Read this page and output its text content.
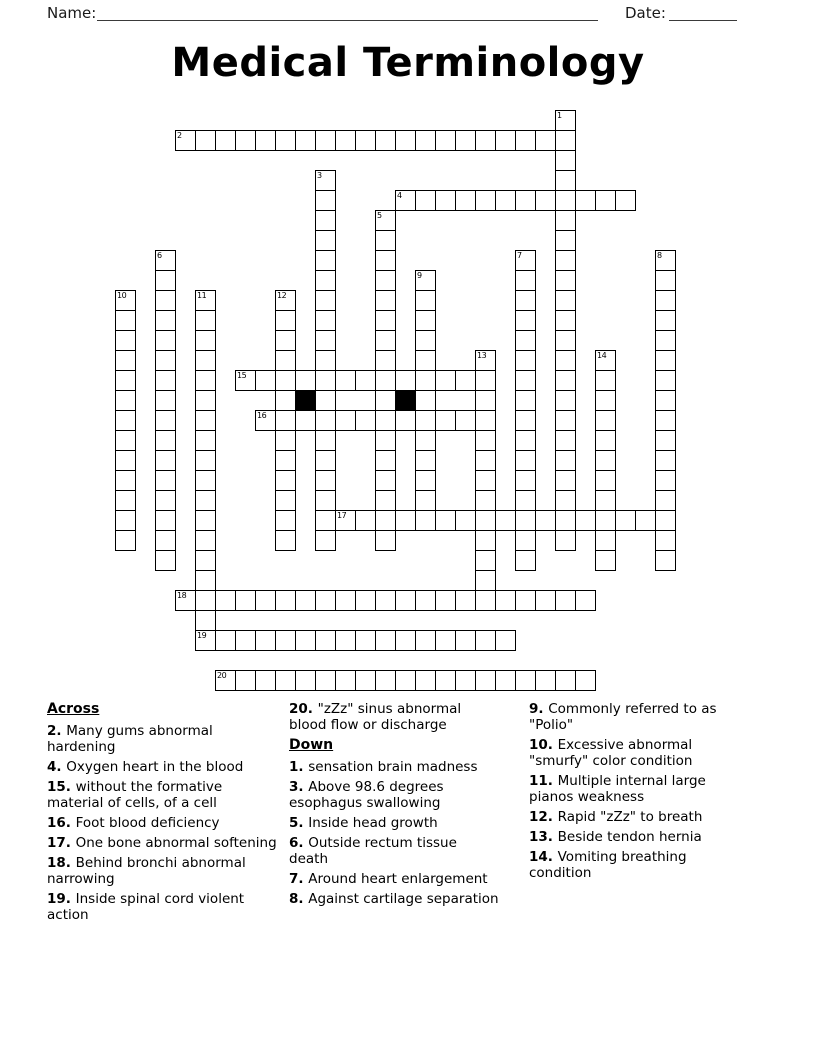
Name:	Date:
Medical Terminology
1
2
3
4
5
6	7	8
9
10	11
19
12
13	14
15
16
17
18
20
Across
2. Many gums abnormal hardening
4. Oxygen heart in the blood
15. without the formative material of cells, of a cell
16. Foot blood deficiency
17. One bone abnormal softening
18. Behind bronchi abnormal narrowing
19. Inside spinal cord violent action
20. "zZz" sinus abnormal blood flow or discharge
Down
1. sensation brain madness
3. Above 98.6 degrees esophagus swallowing
5. Inside head growth
6. Outside rectum tissue death
7. Around heart enlargement
8. Against cartilage separation
9. Commonly referred to as "Polio"
10. Excessive abnormal "smurfy" color condition
11. Multiple internal large pianos weakness
12. Rapid "zZz" to breath
13. Beside tendon hernia
14. Vomiting breathing condition
